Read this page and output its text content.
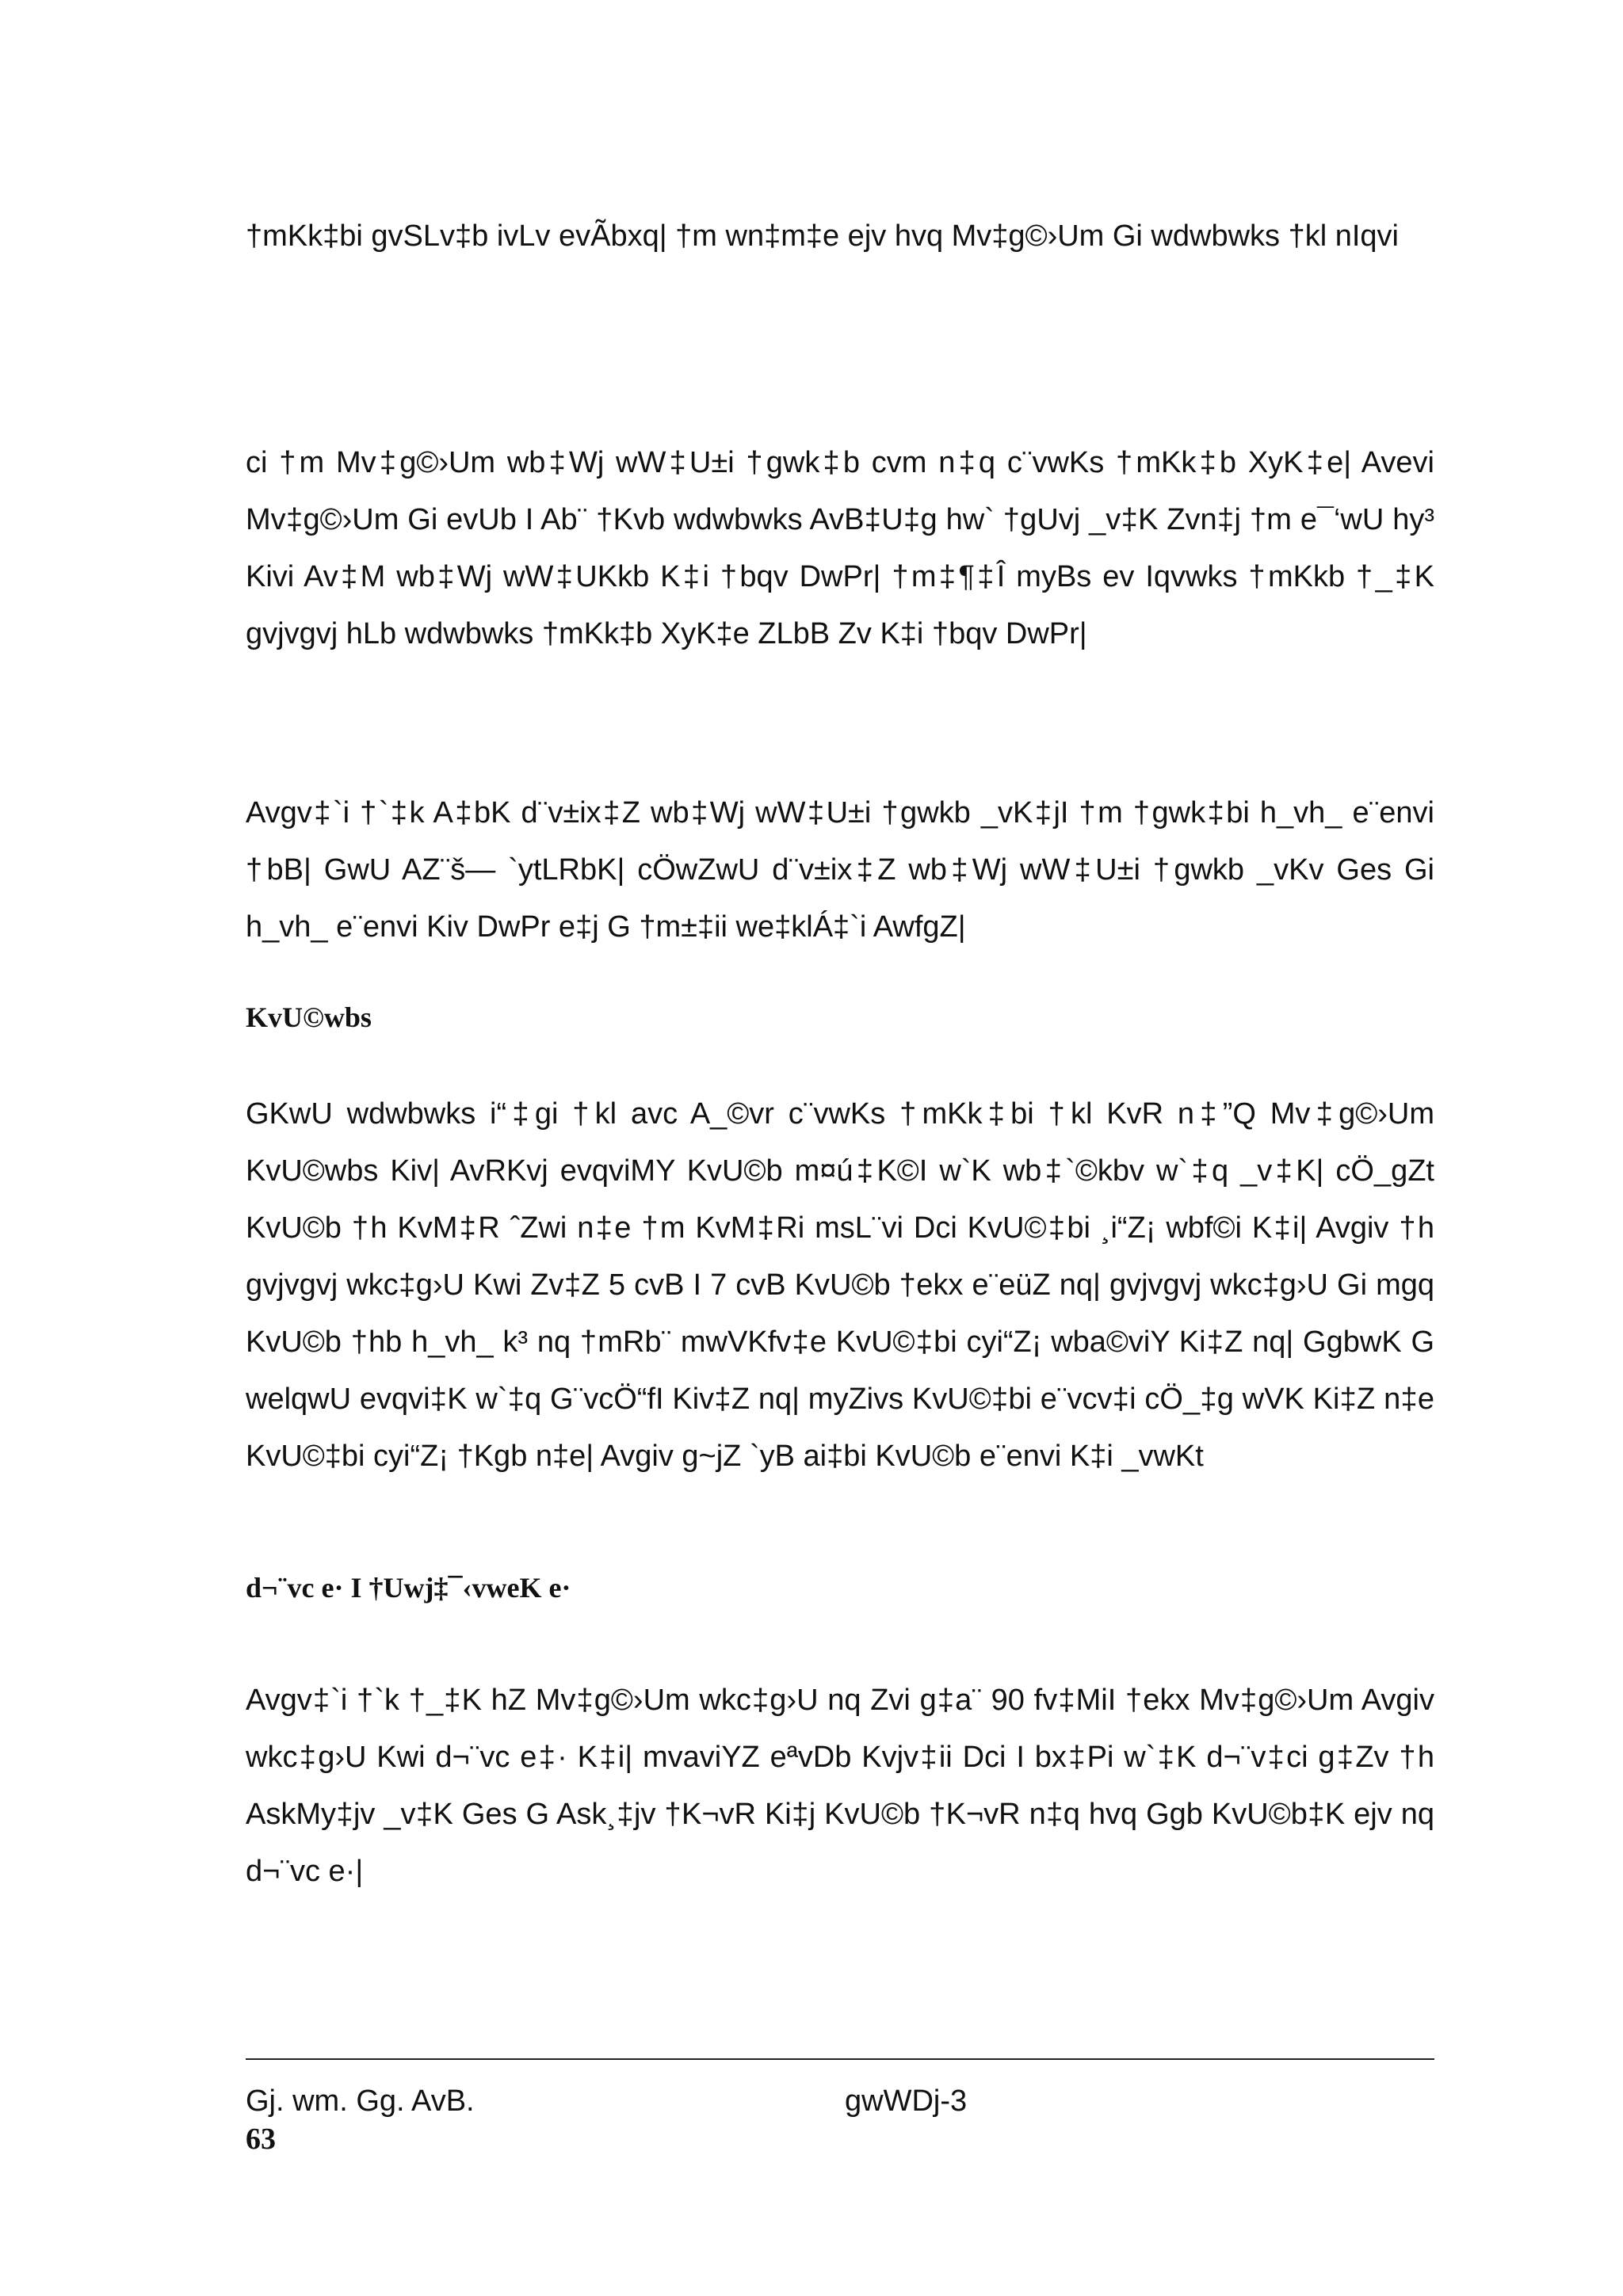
†mKk‡bi gvSLv‡b ivLv evÃbxq| †m wn‡m‡e ejv hvq Mv‡g©›Um Gi wdwbwks †kl nIqvi

ci †m Mv‡g©›Um wb‡Wj wW‡U±i †gwk‡b cvm n‡q c¨vwKs †mKk‡b XyK‡e| Avevi Mv‡g©›Um Gi evUb I Ab¨ †Kvb wdwbwks AvB‡U‡g hw` †gUvj _v‡K Zvn‡j †m e¯‘wU hy³ Kivi Av‡M wb‡Wj wW‡UKkb K‡i †bqv DwPr| †m‡¶‡Î myBs ev Iqvwks †mKkb †_‡K gvjvgvj hLb wdwbwks †mKk‡b XyK‡e ZLbB Zv K‡i †bqv DwPr|

Avgv‡`i †`‡k A‡bK d¨v±ix‡Z wb‡Wj wW‡U±i †gwkb _vK‡jI †m †gwk‡bi h_vh_ e¨envi †bB| GwU AZ¨š— `ytLRbK| cÖwZwU d¨v±ix‡Z wb‡Wj wW‡U±i †gwkb _vKv Ges Gi h_vh_ e¨envi Kiv DwPr e‡j G †m±‡ii we‡klÁ‡`i AwfgZ|

KvU©wbs

GKwU wdwbwks i“‡gi †kl avc A_©vr c¨vwKs †mKk‡bi †kl KvR n‡”Q Mv‡g©›Um KvU©wbs Kiv| AvRKvj evqviMY KvU©b m¤ú‡K©I w`K wb‡`©kbv w`‡q _v‡K| cÖ_gZt KvU©b †h KvM‡R ˆZwi n‡e †m KvM‡Ri msL¨vi Dci KvU©‡bi ¸i“Z¡ wbf©i K‡i| Avgiv †h gvjvgvj wkc‡g›U Kwi Zv‡Z 5 cvB I 7 cvB KvU©b †ekx e¨eüZ nq| gvjvgvj wkc‡g›U Gi mgq KvU©b †hb h_vh_ k³ nq †mRb¨ mwVKfv‡e KvU©‡bi cyi“Z¡ wba©viY Ki‡Z nq| GgbwK G welqwU evqvi‡K w`‡q G¨vcÖ“fI Kiv‡Z nq| myZivs KvU©‡bi e¨vcv‡i cÖ_‡g wVK Ki‡Z n‡e KvU©‡bi cyi“Z¡ †Kgb n‡e| Avgiv g~jZ `yB ai‡bi KvU©b e¨envi K‡i _vwKt

d¬¨vc e· I †Uwj‡¯‹vweK e·

Avgv‡`i †`k †_‡K hZ Mv‡g©›Um wkc‡g›U nq Zvi g‡a¨ 90 fv‡MiI †ekx Mv‡g©›Um Avgiv wkc‡g›U Kwi d¬¨vc e‡· K‡i| mvaviYZ eªvDb Kvjv‡ii Dci I bx‡Pi w`‡K d¬¨v‡ci g‡Zv †h AskMy‡jv _v‡K Ges G Ask¸‡jv †K¬vR Ki‡j KvU©b †K¬vR n‡q hvq Ggb KvU©b‡K ejv nq d¬¨vc e·|

Gj. wm. Gg. AvB.	gwWDj-3

63
